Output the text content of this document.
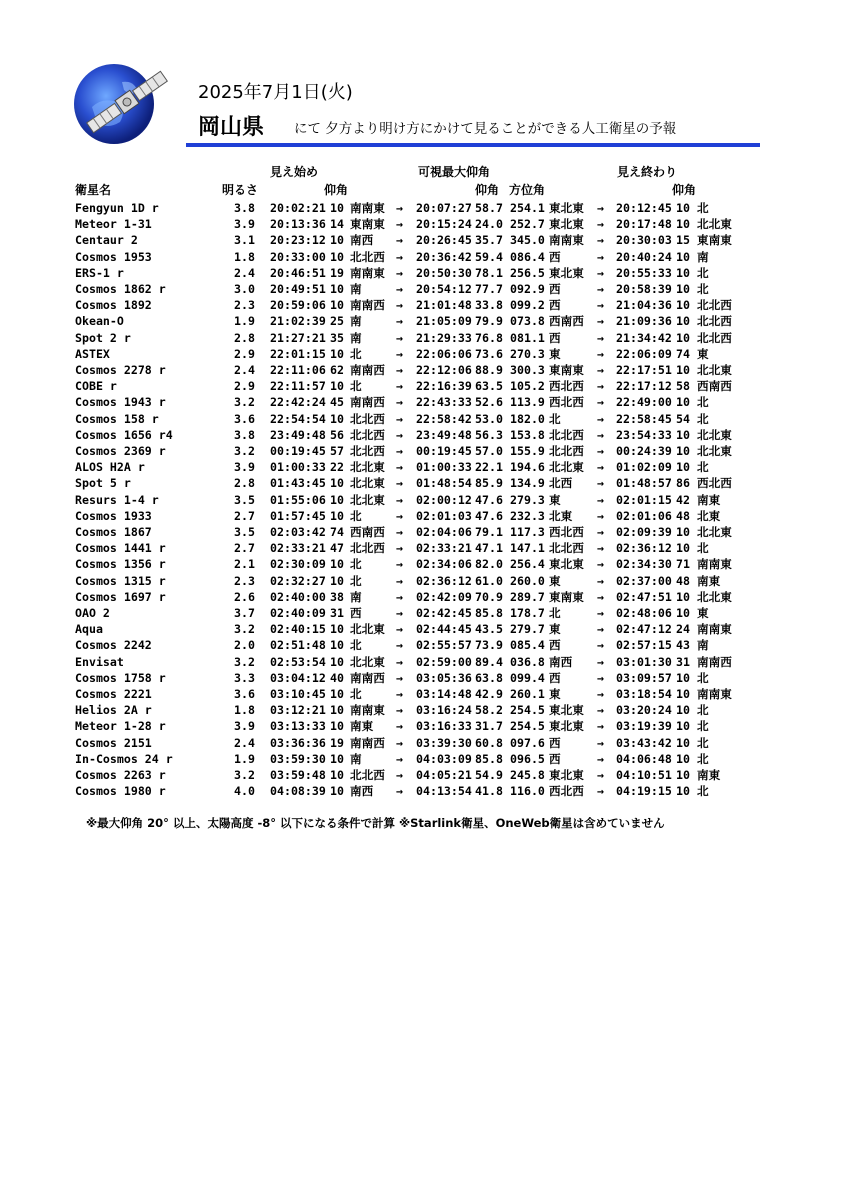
2025年7月1日(火)
岡山県 にて 夕方より明け方にかけて見ることができる人工衛星の予報
見え始め	可視最大仰角	見え終わり
衛星名	明るさ	仰角	仰角 方位角	仰角
Fengyun 1D r	3.8 20:02:21 10 南南東 → 20:07:27 58.7 254.1 東北東 → 20:12:45 10 北
Meteor 1-31	3.9 20:13:36 14 東南東 → 20:15:24 24.0 252.7 東北東 → 20:17:48 10 北北東
Centaur 2	3.1 20:23:12 10 南西 → 20:26:45 35.7 345.0 南南東 → 20:30:03 15 東南東
Cosmos 1953	1.8 20:33:00 10 北北西 → 20:36:42 59.4 086.4 西	→ 20:40:24 10 南
ERS-1 r	2.4 20:46:51 19 南南東 → 20:50:30 78.1 256.5 東北東 → 20:55:33 10 北
Cosmos 1862 r	3.0 20:49:51 10 南	→ 20:54:12 77.7 092.9 西	→ 20:58:39 10 北
Cosmos 1892	2.3 20:59:06 10 南南西 → 21:01:48 33.8 099.2 西	→ 21:04:36 10 北北西
Okean-O	1.9 21:02:39 25 南	→ 21:05:09 79.9 073.8 西南西 → 21:09:36 10 北北西
Spot 2 r	2.8 21:27:21 35 南	→ 21:29:33 76.8 081.1 西	→ 21:34:42 10 北北西
ASTEX	2.9 22:01:15 10 北	→ 22:06:06 73.6 270.3 東	→ 22:06:09 74 東
Cosmos 2278 r	2.4 22:11:06 62 南南西 → 22:12:06 88.9 300.3 東南東 → 22:17:51 10 北北東
COBE r	2.9 22:11:57 10 北	→ 22:16:39 63.5 105.2 西北西 → 22:17:12 58 西南西
Cosmos 1943 r	3.2 22:42:24 45 南南西 → 22:43:33 52.6 113.9 西北西 → 22:49:00 10 北
Cosmos 158 r	3.6 22:54:54 10 北北西 → 22:58:42 53.0 182.0 北	→ 22:58:45 54 北
Cosmos 1656 r4	3.8 23:49:48 56 北北西 → 23:49:48 56.3 153.8 北北西 → 23:54:33 10 北北東
Cosmos 2369 r	3.2 00:19:45 57 北北西 → 00:19:45 57.0 155.9 北北西 → 00:24:39 10 北北東
ALOS H2A r	3.9 01:00:33 22 北北東 → 01:00:33 22.1 194.6 北北東 → 01:02:09 10 北
Spot 5 r	2.8 01:43:45 10 北北東 → 01:48:54 85.9 134.9 北西 → 01:48:57 86 西北西
Resurs 1-4 r	3.5 01:55:06 10 北北東 → 02:00:12 47.6 279.3 東	→ 02:01:15 42 南東
Cosmos 1933	2.7 01:57:45 10 北	→ 02:01:03 47.6 232.3 北東 → 02:01:06 48 北東
Cosmos 1867	3.5 02:03:42 74 西南西 → 02:04:06 79.1 117.3 西北西 → 02:09:39 10 北北東
Cosmos 1441 r	2.7 02:33:21 47 北北西 → 02:33:21 47.1 147.1 北北西 → 02:36:12 10 北
Cosmos 1356 r	2.1 02:30:09 10 北	→ 02:34:06 82.0 256.4 東北東 → 02:34:30 71 南南東
Cosmos 1315 r	2.3 02:32:27 10 北	→ 02:36:12 61.0 260.0 東	→ 02:37:00 48 南東
Cosmos 1697 r	2.6 02:40:00 38 南	→ 02:42:09 70.9 289.7 東南東 → 02:47:51 10 北北東
OAO 2	3.7 02:40:09 31 西	→ 02:42:45 85.8 178.7 北	→ 02:48:06 10 東
Aqua	3.2 02:40:15 10 北北東 → 02:44:45 43.5 279.7 東	→ 02:47:12 24 南南東
Cosmos 2242	2.0 02:51:48 10 北	→ 02:55:57 73.9 085.4 西	→ 02:57:15 43 南
Envisat	3.2 02:53:54 10 北北東 → 02:59:00 89.4 036.8 南西 → 03:01:30 31 南南西
Cosmos 1758 r	3.3 03:04:12 40 南南西 → 03:05:36 63.8 099.4 西	→ 03:09:57 10 北
Cosmos 2221	3.6 03:10:45 10 北	→ 03:14:48 42.9 260.1 東	→ 03:18:54 10 南南東
Helios 2A r	1.8 03:12:21 10 南南東 → 03:16:24 58.2 254.5 東北東 → 03:20:24 10 北
Meteor 1-28 r	3.9 03:13:33 10 南東 → 03:16:33 31.7 254.5 東北東 → 03:19:39 10 北
Cosmos 2151	2.4 03:36:36 19 南南西 → 03:39:30 60.8 097.6 西	→ 03:43:42 10 北
In-Cosmos 24 r	1.9 03:59:30 10 南	→ 04:03:09 85.8 096.5 西	→ 04:06:48 10 北
Cosmos 2263 r	3.2 03:59:48 10 北北西 → 04:05:21 54.9 245.8 東北東 → 04:10:51 10 南東
Cosmos 1980 r	4.0 04:08:39 10 南西 → 04:13:54 41.8 116.0 西北西 → 04:19:15 10 北
※最大仰角 20° 以上、太陽高度 -8° 以下になる条件で計算 ※Starlink衛星、OneWeb衛星は含めていません
